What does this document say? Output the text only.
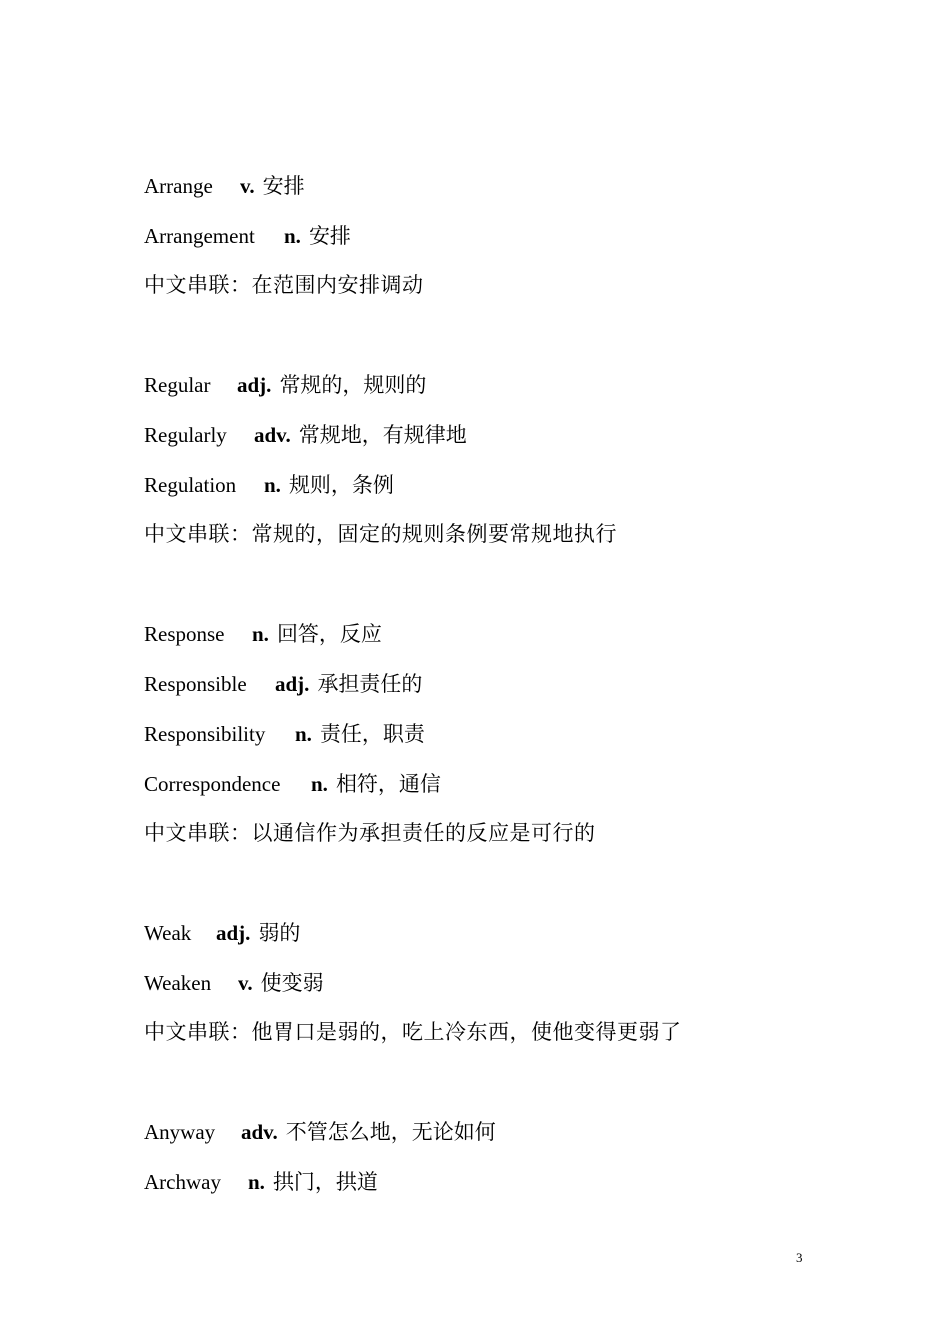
Arrange v. 安排
Arrangement n. 安排
中文串联：在范围内安排调动
Regular adj. 常规的，规则的
Regularly adv. 常规地，有规律地
Regulation n. 规则，条例
中文串联：常规的，固定的规则条例要常规地执行
Response n. 回答，反应
Responsible adj. 承担责任的
Responsibility n. 责任，职责
Correspondence n. 相符，通信
中文串联：以通信作为承担责任的反应是可行的
Weak adj. 弱的
Weaken v. 使变弱
中文串联：他胃口是弱的，吃上冷东西，使他变得更弱了
Anyway adv. 不管怎么地，无论如何
Archway n. 拱门，拱道
3
